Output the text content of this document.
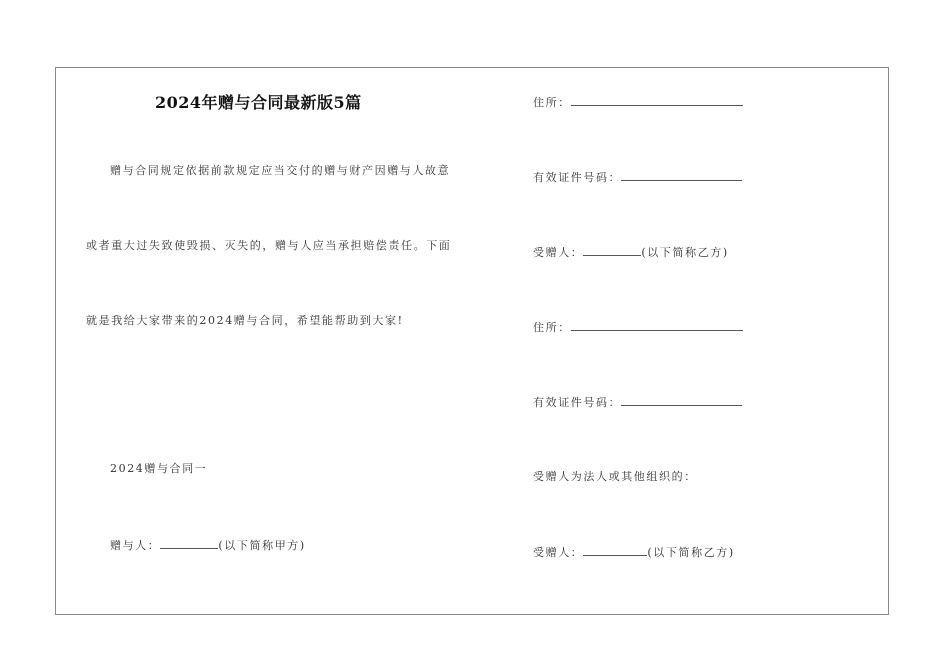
2024年赠与合同最新版5篇
赠与合同规定依据前款规定应当交付的赠与财产因赠与人故意
或者重大过失致使毁损、灭失的，赠与人应当承担赔偿责任。下面
就是我给大家带来的2024赠与合同，希望能帮助到大家!
2024赠与合同一
赠与人：	(以下简称甲方)
住所：
有效证件号码：
受赠人：	(以下简称乙方)
住所：
有效证件号码：
受赠人为法人或其他组织的：
受赠人：	(以下简称乙方)
